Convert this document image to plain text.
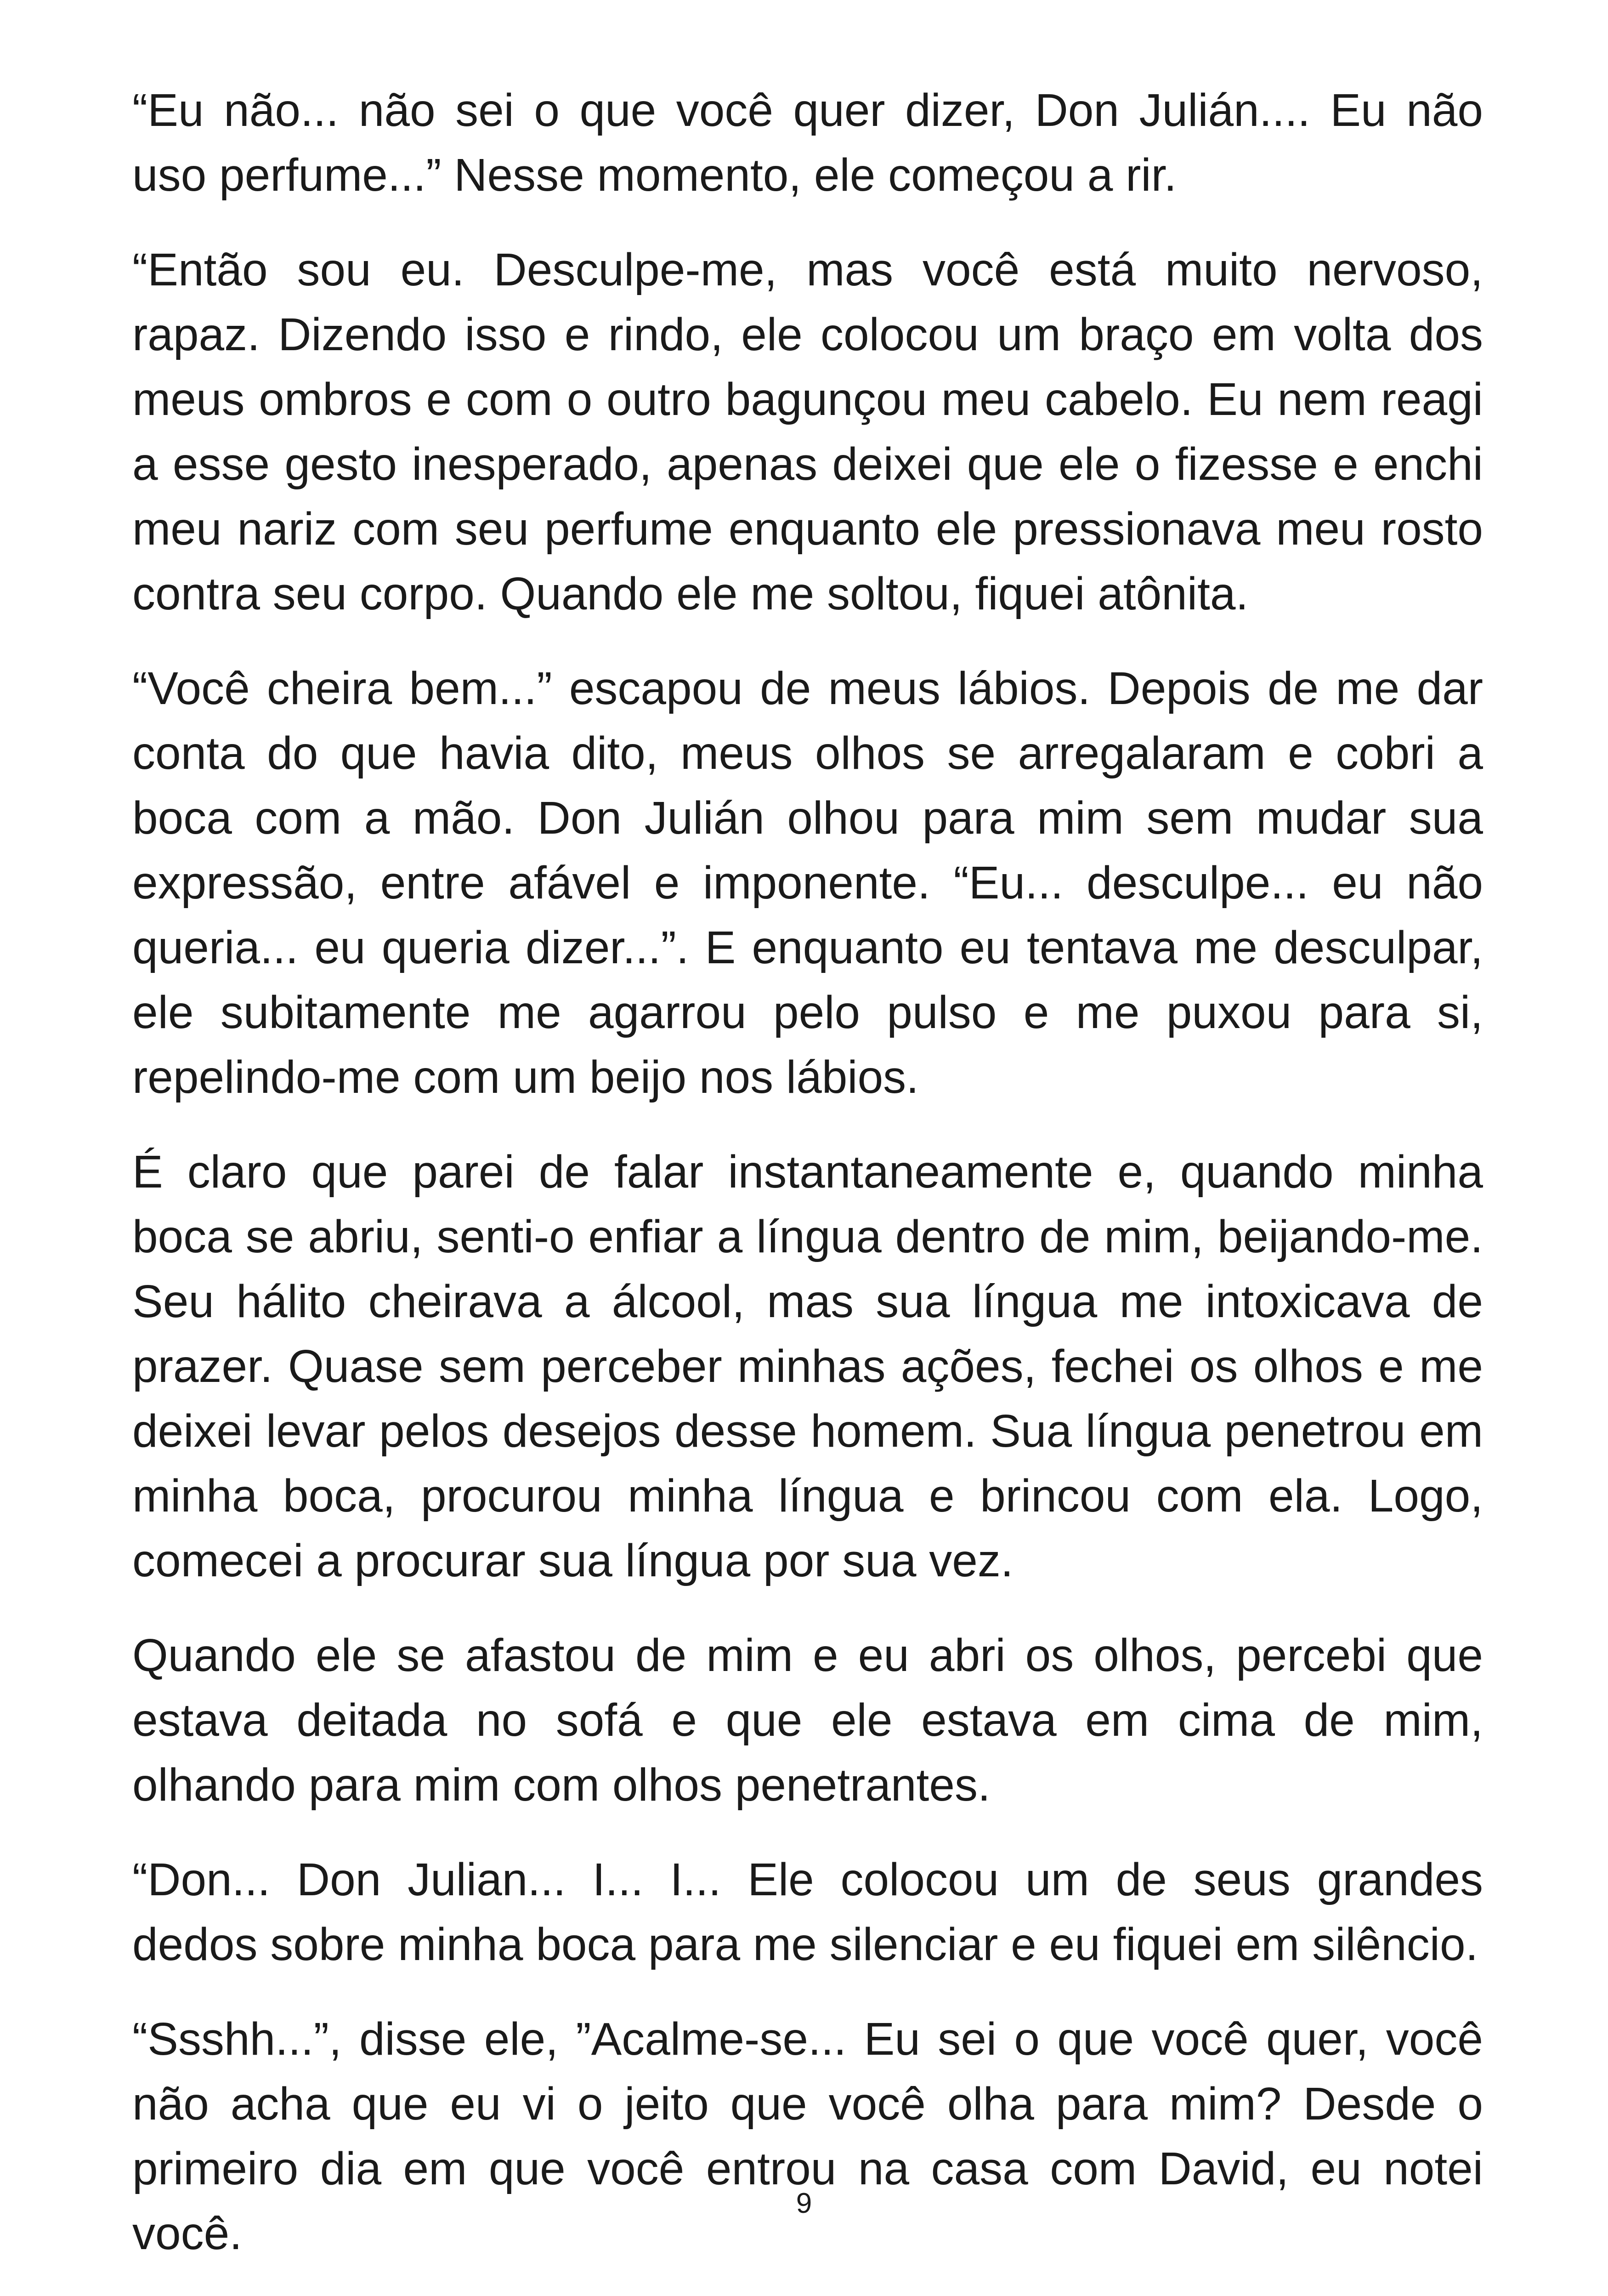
“Eu não... não sei o que você quer dizer, Don Julián.... Eu não uso perfume...” Nesse momento, ele começou a rir.

“Então sou eu. Desculpe-me, mas você está muito nervoso, rapaz. Dizendo isso e rindo, ele colocou um braço em volta dos meus ombros e com o outro bagunçou meu cabelo. Eu nem reagi a esse gesto inesperado, apenas deixei que ele o fizesse e enchi meu nariz com seu perfume enquanto ele pressionava meu rosto contra seu corpo. Quando ele me soltou, fiquei atônita.

“Você cheira bem...” escapou de meus lábios. Depois de me dar conta do que havia dito, meus olhos se arregalaram e cobri a boca com a mão. Don Julián olhou para mim sem mudar sua expressão, entre afável e imponente. “Eu... desculpe... eu não queria... eu queria dizer...”. E enquanto eu tentava me desculpar, ele subitamente me agarrou pelo pulso e me puxou para si, repelindo-me com um beijo nos lábios.

É claro que parei de falar instantaneamente e, quando minha boca se abriu, senti-o enfiar a língua dentro de mim, beijando-me. Seu hálito cheirava a álcool, mas sua língua me intoxicava de prazer. Quase sem perceber minhas ações, fechei os olhos e me deixei levar pelos desejos desse homem. Sua língua penetrou em minha boca, procurou minha língua e brincou com ela. Logo, comecei a procurar sua língua por sua vez.

Quando ele se afastou de mim e eu abri os olhos, percebi que estava deitada no sofá e que ele estava em cima de mim, olhando para mim com olhos penetrantes.

“Don... Don Julian... I... I... Ele colocou um de seus grandes dedos sobre minha boca para me silenciar e eu fiquei em silêncio.

“Ssshh...”, disse ele, ”Acalme-se... Eu sei o que você quer, você não acha que eu vi o jeito que você olha para mim? Desde o primeiro dia em que você entrou na casa com David, eu notei você.

9
